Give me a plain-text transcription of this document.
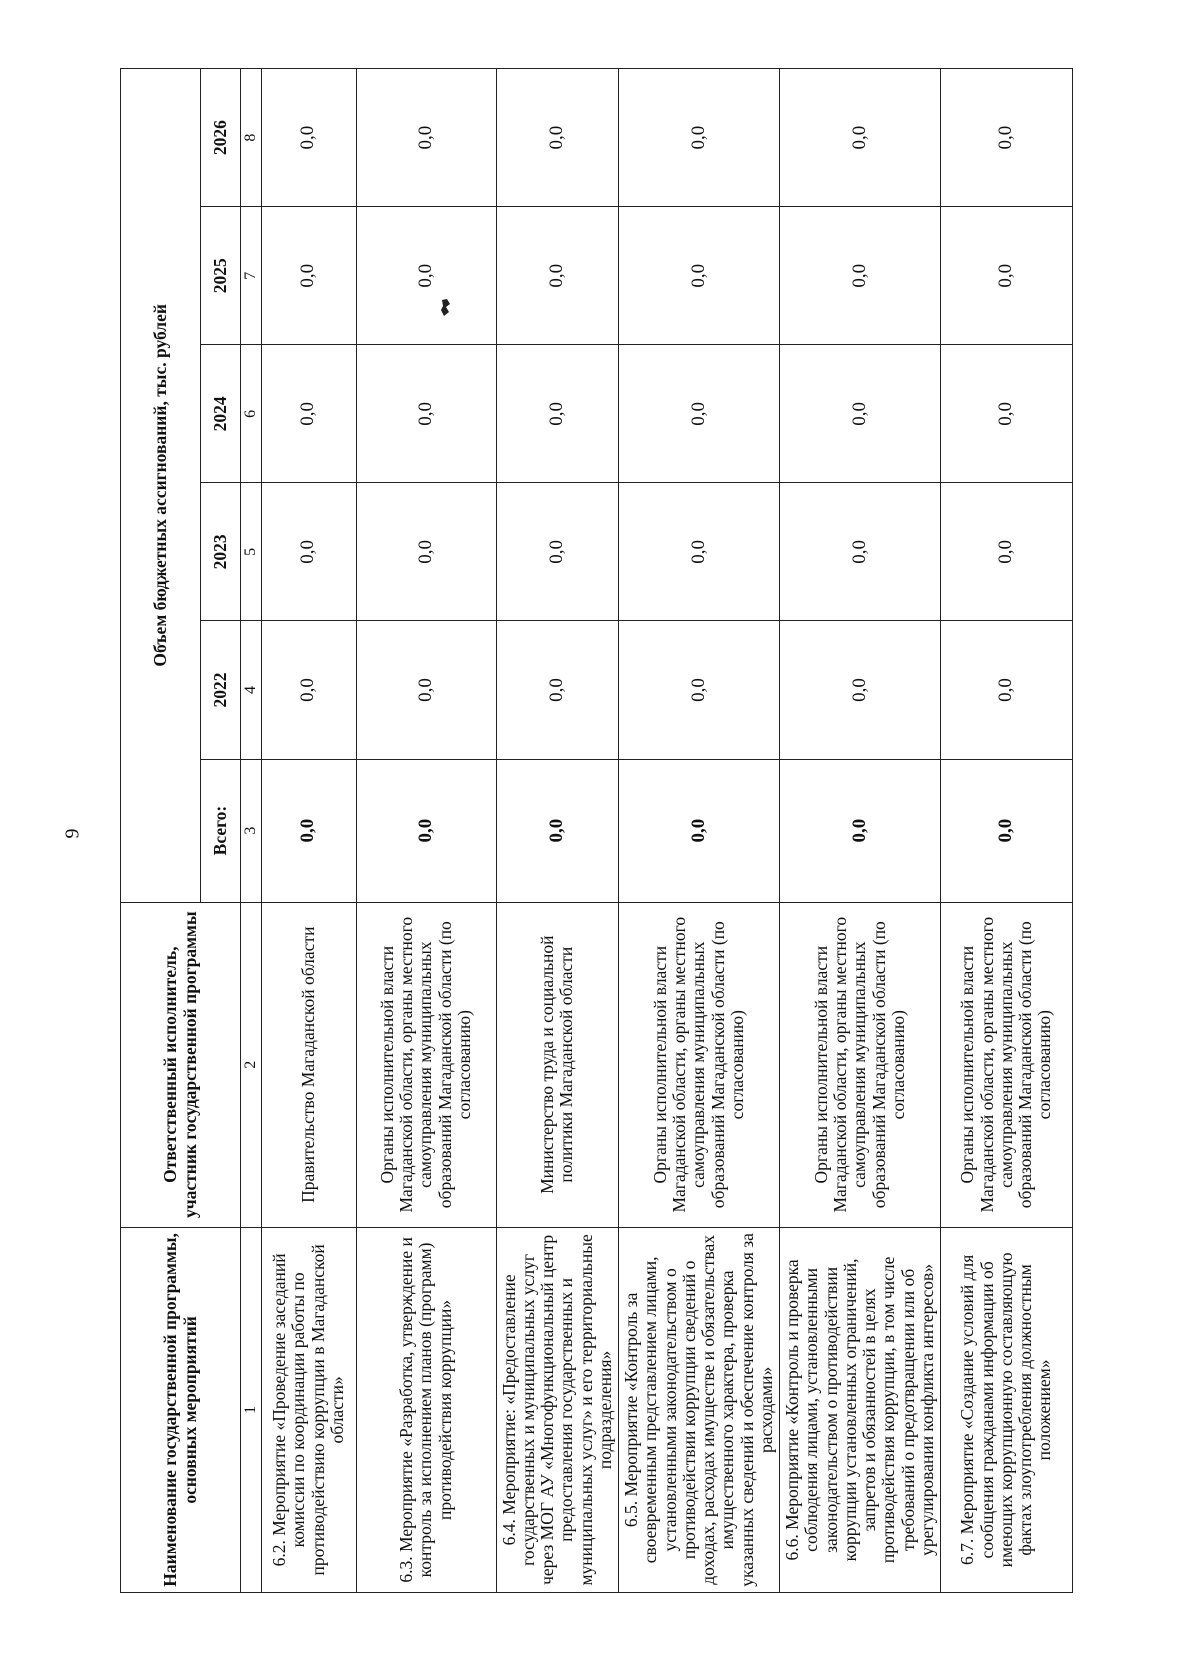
9
Наименование государственной программы, основных мероприятий	Ответственный исполнитель, участник государственной программы	Объем бюджетных ассигнований, тыс. рублей					
		Всего:	2022	2023	2024	2025	2026
1	2	3	4	5	6	7	8
6.2. Мероприятие «Проведение заседаний комиссии по координации работы по противодействию коррупции в Магаданской области»	Правительство Магаданской области	0,0	0,0	0,0	0,0	0,0	0,0
6.3. Мероприятие «Разработка, утверждение и контроль за исполнением планов (программ) противодействия коррупции»	Органы исполнительной власти Магаданской области, органы местного самоуправления муниципальных образований Магаданской области (по согласованию)	0,0	0,0	0,0	0,0	0,0	0,0
6.4. Мероприятие: «Предоставление государственных и муниципальных услуг через МОГ АУ «Многофункциональный центр предоставления государственных и муниципальных услуг» и его территориальные подразделения»	Министерство труда и социальной политики Магаданской области	0,0	0,0	0,0	0,0	0,0	0,0
6.5. Мероприятие «Контроль за своевременным представлением лицами, установленными законодательством о противодействии коррупции сведений о доходах, расходах имуществе и обязательствах имущественного характера, проверка указанных сведений и обеспечение контроля за расходами»	Органы исполнительной власти Магаданской области, органы местного самоуправления муниципальных образований Магаданской области (по согласованию)	0,0	0,0	0,0	0,0	0,0	0,0
6.6. Мероприятие «Контроль и проверка соблюдения лицами, установленными законодательством о противодействии коррупции установленных ограничений, запретов и обязанностей в целях противодействия коррупции, в том числе требований о предотвращении или об урегулировании конфликта интересов»	Органы исполнительной власти Магаданской области, органы местного самоуправления муниципальных образований Магаданской области (по согласованию)	0,0	0,0	0,0	0,0	0,0	0,0
6.7. Мероприятие «Создание условий для сообщения гражданами информации об имеющих коррупционную составляющую фактах злоупотребления должностным положением»	Органы исполнительной власти Магаданской области, органы местного самоуправления муниципальных образований Магаданской области (по согласованию)	0,0	0,0	0,0	0,0	0,0	0,0
